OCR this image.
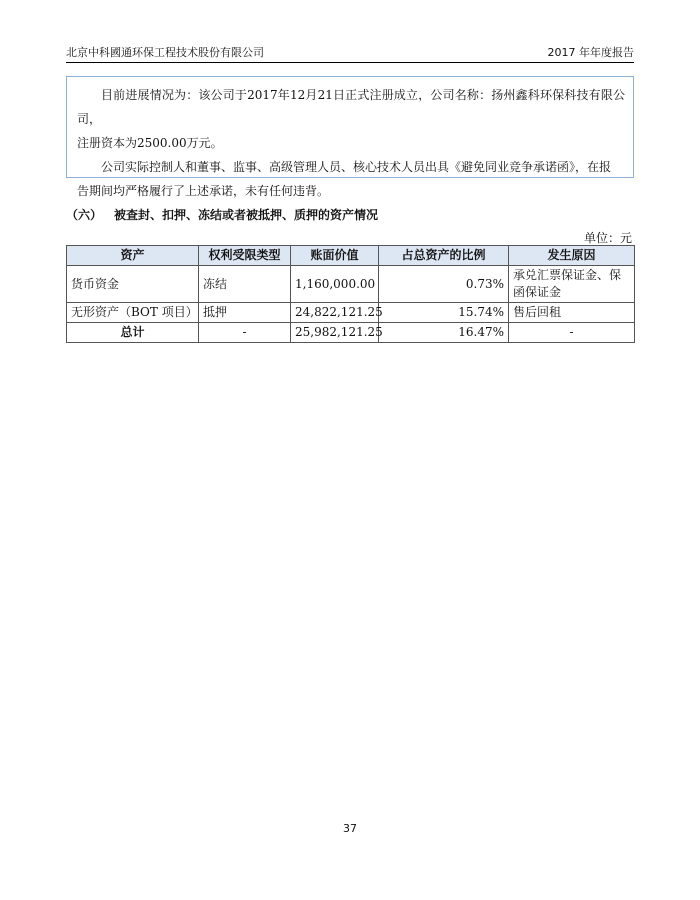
北京中科國通环保工程技术股份有限公司	2017 年年度报告

目前进展情况为：该公司于2017年12月21日正式注册成立，公司名称：扬州鑫科环保科技有限公司，

注册资本为2500.00万元。

公司实际控制人和董事、监事、高级管理人员、核心技术人员出具《避免同业竞争承诺函》，在报

告期间均严格履行了上述承诺，未有任何违背。

（六） 被查封、扣押、冻结或者被抵押、质押的资产情况
单位：元
资产	权利受限类型	账面价值	占总资产的比例	发生原因
货币资金	冻结	1,160,000.00	0.73%	承兑汇票保证金、保函保证金
无形资产（BOT 项目）	抵押	24,822,121.25	15.74%	售后回租
总计	-	25,982,121.25	16.47%	-
37
